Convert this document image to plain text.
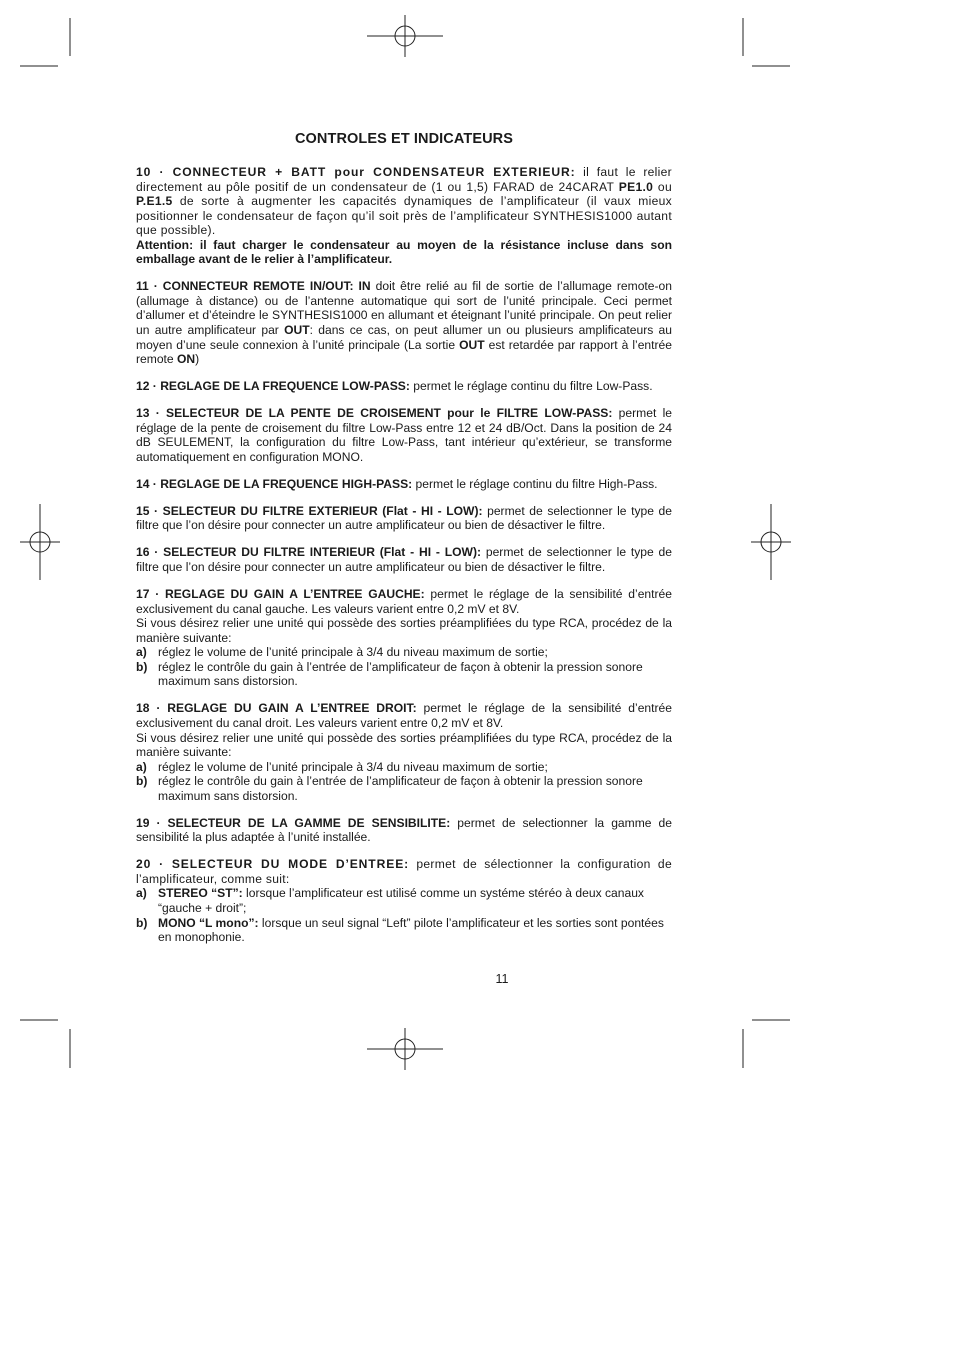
CONTROLES ET INDICATEURS

10 · CONNECTEUR + BATT pour CONDENSATEUR EXTERIEUR: il faut le relier directement au pôle positif de un condensateur de (1 ou 1,5) FARAD de 24CARAT PE1.0 ou P.E1.5 de sorte à augmenter les capacités dynamiques de l’amplificateur (il vaux mieux positionner le condensateur de façon qu’il soit près de l’amplificateur SYNTHESIS1000 autant que possible).

Attention: il faut charger le condensateur au moyen de la résistance incluse dans son emballage avant de le relier à l’amplificateur.

11 · CONNECTEUR REMOTE IN/OUT: IN doit être relié au fil de sortie de l’allumage remote-on (allumage à distance) ou de l’antenne automatique qui sort de l’unité principale. Ceci permet d’allumer et d’éteindre le SYNTHESIS1000 en allumant et éteignant l’unité principale. On peut relier un autre amplificateur par OUT: dans ce cas, on peut allumer un ou plusieurs amplificateurs au moyen d’une seule connexion à l’unité principale (La sortie OUT est retardée par rapport à l’entrée remote ON)

12 · REGLAGE DE LA FREQUENCE LOW-PASS: permet le réglage continu du filtre Low-Pass.

13 · SELECTEUR DE LA PENTE DE CROISEMENT pour le FILTRE LOW-PASS: permet le réglage de la pente de croisement du filtre Low-Pass entre 12 et 24 dB/Oct. Dans la position de 24 dB SEULEMENT, la configuration du filtre Low-Pass, tant intérieur qu’extérieur, se transforme automatiquement en configuration MONO.

14 · REGLAGE DE LA FREQUENCE HIGH-PASS: permet le réglage continu du filtre High-Pass.

15 · SELECTEUR DU FILTRE EXTERIEUR (Flat - HI - LOW): permet de selectionner le type de filtre que l’on désire pour connecter un autre amplificateur ou bien de désactiver le filtre.

16 · SELECTEUR DU FILTRE INTERIEUR (Flat - HI - LOW): permet de selectionner le type de filtre que l’on désire pour connecter un autre amplificateur ou bien de désactiver le filtre.

17 · REGLAGE DU GAIN A L’ENTREE GAUCHE: permet le réglage de la sensibilité d’entrée exclusivement du canal gauche. Les valeurs varient entre 0,2 mV et 8V.

Si vous désirez relier une unité qui possède des sorties préamplifiées du type RCA, procédez de la manière suivante:

a) réglez le volume de l’unité principale à 3/4 du niveau maximum de sortie;
b) réglez le contrôle du gain à l’entrée de l’amplificateur de façon à obtenir la pression sonore maximum sans distorsion.

18 · REGLAGE DU GAIN A L’ENTREE DROIT: permet le réglage de la sensibilité d’entrée exclusivement du canal droit. Les valeurs varient entre 0,2 mV et 8V.

Si vous désirez relier une unité qui possède des sorties préamplifiées du type RCA, procédez de la manière suivante:

a) réglez le volume de l’unité principale à 3/4 du niveau maximum de sortie;
b) réglez le contrôle du gain à l’entrée de l’amplificateur de façon à obtenir la pression sonore maximum sans distorsion.

19 · SELECTEUR DE LA GAMME DE SENSIBILITE: permet de selectionner la gamme de sensibilité la plus adaptée à l’unité installée.

20 · SELECTEUR DU MODE D’ENTREE: permet de sélectionner la configuration de l’amplificateur, comme suit:

a) STEREO “ST”: lorsque l’amplificateur est utilisé comme un systéme stéréo à deux canaux “gauche + droit”;
b) MONO “L mono”: lorsque un seul signal “Left” pilote l’amplificateur et les sorties sont pontées en monophonie.
11
